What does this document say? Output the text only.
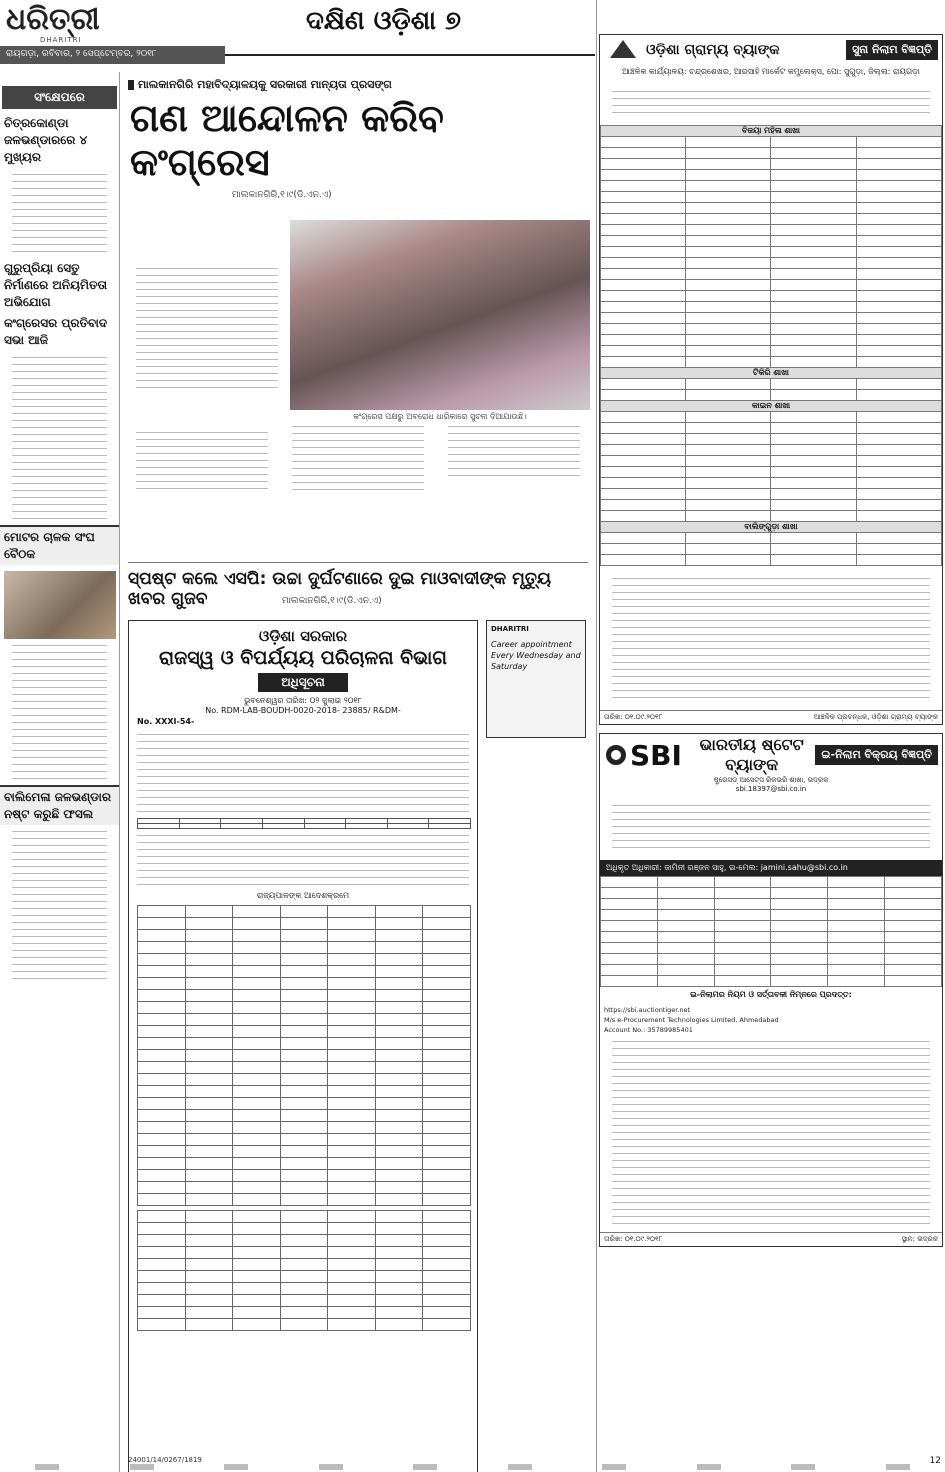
ଧରିତ୍ରୀ
DHARITRI
ଦକ୍ଷିଣ ଓଡ଼ିଶା ୭
ରାୟଗଡ଼ା, ରବିବାର, ୨ ସେପ୍ଟେମ୍ବର, ୨୦୧୮
ସଂକ୍ଷେପରେ
ଚିତ୍ରକୋଣ୍ଡା ଜଳଭଣ୍ଡାରରେ ୪ ମୁଖ୍ୟର
ଗୁରୁପ୍ରିୟା ସେତୁ ନିର୍ମାଣରେ ଅନିୟମିତତା ଅଭିଯୋଗ
କଂଗ୍ରେସର ପ୍ରତିବାଦ ସଭା ଆଜି
ମୋଟର ଚାଳକ ସଂଘ ବୈଠକ
ବାଲିମେଳା ଜଳଭଣ୍ଡାର ନଷ୍ଟ କରୁଛି ଫସଲ
ମାଲକାନଗିରି ମହାବିଦ୍ୟାଳୟକୁ ସରକାରୀ ମାନ୍ୟତା ପ୍ରସଙ୍ଗ
ଗଣ ଆନ୍ଦୋଳନ କରିବ କଂଗ୍ରେସ
ମାଲକାନଗିରି,୧।୯(ଡି.ଏନ.ଏ)
କଂଗ୍ରେସ ପକ୍ଷରୁ ଅବରୋଧ ଧାରିକାରେ ସୁଚନା ଦିଆଯାଉଛି।
ସ୍ପଷ୍ଟ କଲେ ଏସପି: ଉଚ୍ଚା ଦୁର୍ଘଟଣାରେ ଦୁଇ ମାଓବାଦୀଙ୍କ ମୃତ୍ୟୁ ଖବର ଗୁଜବ	ମାଲକାନଗିରି,୧।୯(ଡି.ଏନ.ଏ)
ଓଡ଼ିଶା ସରକାର
ରାଜସ୍ୱ ଓ ବିପର୍ଯ୍ୟୟ ପରିଚାଳନା ବିଭାଗ
ଅଧିସୂଚନା
ଭୁବନେଶ୍ୱର ତାରିଖ: ୦୨ ଜୁଲାଇ ୨୦୧୮
No. RDM-LAB-BOUDH-0020-2018- 23885/ R&DM-
No. XXXI-54-

ରାଜ୍ୟପାଳଙ୍କ ଆଦେଶକ୍ରମେ

DHARITRI
Career appointment Every Wednesday and Saturday
24001/14/0267/1819
ଓଡ଼ିଶା ଗ୍ରାମ୍ୟ ବ୍ୟାଙ୍କ	ସୁନା ନିଲାମ ବିଜ୍ଞପ୍ତି
ଆଞ୍ଚଳିକ କାର୍ଯ୍ୟାଳୟ: ଚନ୍ଦ୍ରଶେଖର, ଆରସାହି ମାର୍କେଟ କମ୍ପ୍ଲେକ୍ସ, ପୋ: ସୁଗୁଡ଼ା, ଜିଲ୍ଲା: ରାୟଗଡ଼ା
ବିଜୟା ମହିଳା ଶାଖା			

ଟିକିରି ଶାଖା			

କାଇନ ଶାଖା			

ବାଲିଙ୍ଗୁଡ଼ା ଶାଖା			

ତାରିଖ: ୦୧.୦୯.୨୦୧୮	ଆଞ୍ଚଳିକ ପ୍ରବନ୍ଧକ, ଓଡ଼ିଶା ଗ୍ରାମ୍ୟ ବ୍ୟାଙ୍କ
SBI	ଭାରତୀୟ ଷ୍ଟେଟ ବ୍ୟାଙ୍କ
ଇ-ନିଲାମ ବିକ୍ରୟ ବିଜ୍ଞପ୍ତି
ଷ୍ଟ୍ରେସଡ୍ ଆସେଟ୍ସ ରିକଭରି ଶାଖା, ଭଦ୍ରକ
sbi.18397@sbi.co.in
ଅଧିକୃତ ଅଧିକାରୀ: ଜାମିନୀ ରଞ୍ଜନ ସାହୁ, ଇ-ମେଲ: jamini.sahu@sbi.co.in

ଇ-ନିଲାମର ନିୟମ ଓ ସର୍ତ୍ତାବଳୀ ନିମ୍ନରେ ପ୍ରଦତ୍ତ:
https://sbi.auctiontiger.net
M/s e-Procurement Technologies Limited, Ahmedabad
Account No.: 35789985401
ତାରିଖ: ୦୧.୦୯.୨୦୧୮	ସ୍ଥାନ: ଭଦ୍ରକ
12
